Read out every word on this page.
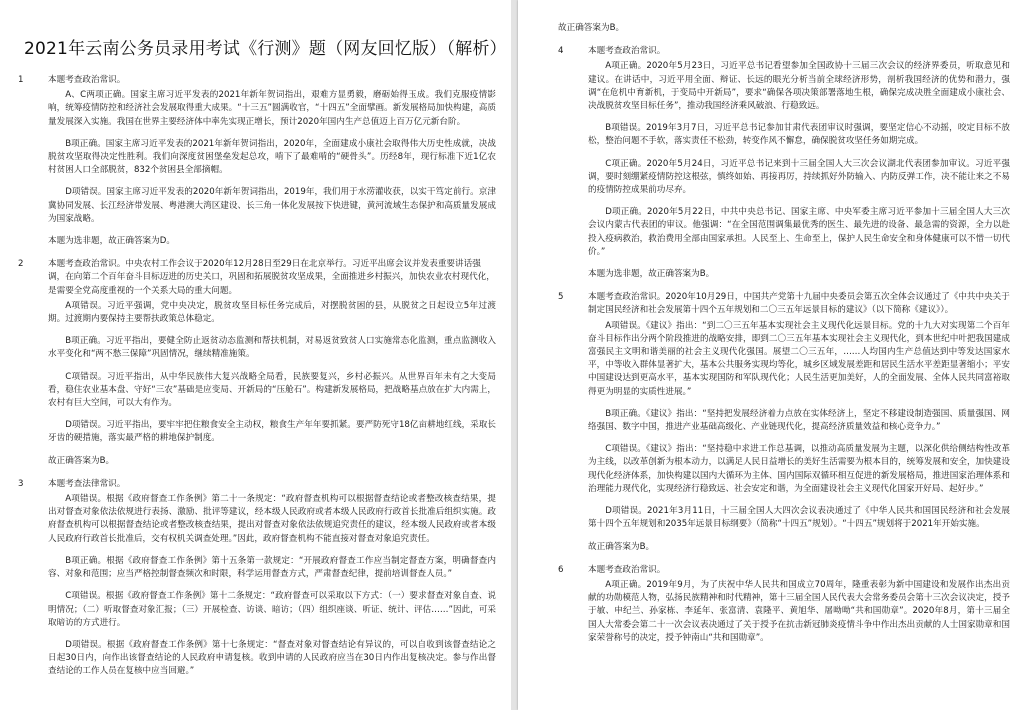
2021年云南公务员录用考试《行测》题（网友回忆版）（解析）
1	本题考查政治常识。
A、C两项正确。国家主席习近平发表的2021年新年贺词指出，艰难方显勇毅，磨砺始得玉成。我们克服疫情影响，统筹疫情防控和经济社会发展取得重大成果。“十三五”圆满收官，“十四五”全面擘画。新发展格局加快构建，高质量发展深入实施。我国在世界主要经济体中率先实现正增长，预计2020年国内生产总值迈上百万亿元新台阶。
B项正确。国家主席习近平发表的2021年新年贺词指出，2020年，全面建成小康社会取得伟大历史性成就，决战脱贫攻坚取得决定性胜利。我们向深度贫困堡垒发起总攻，啃下了最难啃的“硬骨头”。历经8年，现行标准下近1亿农村贫困人口全部脱贫，832个贫困县全部摘帽。
D项错误。国家主席习近平发表的2020年新年贺词指出，2019年，我们用于水涝灌收获，以实干笃定前行。京津冀协同发展、长江经济带发展、粤港澳大湾区建设、长三角一体化发展按下快进键，黄河流域生态保护和高质量发展成为国家战略。
本题为选非题，故正确答案为D。
2	本题考查政治常识。中央农村工作会议于2020年12月28日至29日在北京举行。习近平出席会议并发表重要讲话强调，在向第二个百年奋斗目标迈进的历史关口，巩固和拓展脱贫攻坚成果，全面推进乡村振兴，加快农业农村现代化，是需要全党高度重视的一个关系大局的重大问题。
A项错误。习近平强调，党中央决定，脱贫攻坚目标任务完成后，对摆脱贫困的县，从脱贫之日起设立5年过渡期。过渡期内要保持主要帮扶政策总体稳定。
B项正确。习近平指出，要健全防止返贫动态监测和帮扶机制，对易返贫致贫人口实施常态化监测，重点监测收入水平变化和“两不愁三保障”巩固情况，继续精准施策。
C项错误。习近平指出，从中华民族伟大复兴战略全局看，民族要复兴，乡村必振兴。从世界百年未有之大变局看，稳住农业基本盘、守好“三农”基础是应变局、开新局的“压舱石”。构建新发展格局，把战略基点放在扩大内需上，农村有巨大空间，可以大有作为。
D项错误。习近平指出，要牢牢把住粮食安全主动权，粮食生产年年要抓紧。要严防死守18亿亩耕地红线，采取长牙齿的硬措施，落实最严格的耕地保护制度。
故正确答案为B。
3	本题考查法律常识。
A项错误。根据《政府督查工作条例》第二十一条规定：“政府督查机构可以根据督查结论或者整改核查结果，提出对督查对象依法依规进行表扬、激励、批评等建议，经本级人民政府或者本级人民政府行政首长批准后组织实施。政府督查机构可以根据督查结论或者整改核查结果，提出对督查对象依法依规追究责任的建议，经本级人民政府或者本级人民政府行政首长批准后，交有权机关调查处理。”因此，政府督查机构不能直接对督查对象追究责任。
B项正确。根据《政府督查工作条例》第十五条第一款规定：“开展政府督查工作应当制定督查方案，明确督查内容、对象和范围；应当严格控制督查频次和时限，科学运用督查方式，严肃督查纪律，提前培训督查人员。”
C项错误。根据《政府督查工作条例》第十二条规定：“政府督查可以采取以下方式：（一）要求督查对象自查、说明情况；（二）听取督查对象汇报；（三）开展检查、访谈、暗访；（四）组织座谈、听证、统计、评估……”因此，可采取暗访的方式进行。
D项错误。根据《政府督查工作条例》第十七条规定：“督查对象对督查结论有异议的，可以自收到该督查结论之日起30日内，向作出该督查结论的人民政府申请复核。收到申请的人民政府应当在30日内作出复核决定。参与作出督查结论的工作人员在复核中应当回避。”
故正确答案为B。
4	本题考查政治常识。
A项正确。2020年5月23日，习近平总书记看望参加全国政协十三届三次会议的经济界委员，听取意见和建议。在讲话中，习近平用全面、辩证、长远的眼光分析当前全球经济形势，剖析我国经济的优势和潜力，强调“在危机中育新机，于变局中开新局”，要求“确保各项决策部署落地生根，确保完成决胜全面建成小康社会、决战脱贫攻坚目标任务”，推动我国经济乘风破浪、行稳致远。
B项错误。2019年3月7日，习近平总书记参加甘肃代表团审议时强调，要坚定信心不动摇，咬定目标不放松，整治问题不手软，落实责任不松劲，转变作风不懈怠，确保脱贫攻坚任务如期完成。
C项正确。2020年5月24日，习近平总书记来到十三届全国人大三次会议湖北代表团参加审议。习近平强调，要时刻绷紧疫情防控这根弦，慎终如始、再接再厉，持续抓好外防输入、内防反弹工作，决不能让来之不易的疫情防控成果前功尽弃。
D项正确。2020年5月22日，中共中央总书记、国家主席、中央军委主席习近平参加十三届全国人大三次会议内蒙古代表团的审议。他强调：“在全国范围调集最优秀的医生、最先进的设备、最急需的资源，全力以赴投入疫病救治，救治费用全部由国家承担。人民至上、生命至上，保护人民生命安全和身体健康可以不惜一切代价。”
本题为选非题，故正确答案为B。
5	本题考查政治常识。2020年10月29日，中国共产党第十九届中央委员会第五次全体会议通过了《中共中央关于制定国民经济和社会发展第十四个五年规划和二〇三五年远景目标的建议》（以下简称《建议》）。
A项错误。《建议》指出：“到二〇三五年基本实现社会主义现代化远景目标。党的十九大对实现第二个百年奋斗目标作出分两个阶段推进的战略安排，即到二〇三五年基本实现社会主义现代化，到本世纪中叶把我国建成富强民主文明和谐美丽的社会主义现代化强国。展望二〇三五年，……人均国内生产总值达到中等发达国家水平，中等收入群体显著扩大，基本公共服务实现均等化，城乡区域发展差距和居民生活水平差距显著缩小；平安中国建设达到更高水平，基本实现国防和军队现代化；人民生活更加美好，人的全面发展、全体人民共同富裕取得更为明显的实质性进展。”
B项正确。《建议》指出：“坚持把发展经济着力点放在实体经济上，坚定不移建设制造强国、质量强国、网络强国、数字中国，推进产业基础高级化、产业链现代化，提高经济质量效益和核心竞争力。”
C项错误。《建议》指出：“坚持稳中求进工作总基调，以推动高质量发展为主题，以深化供给侧结构性改革为主线，以改革创新为根本动力，以满足人民日益增长的美好生活需要为根本目的，统筹发展和安全，加快建设现代化经济体系，加快构建以国内大循环为主体、国内国际双循环相互促进的新发展格局，推进国家治理体系和治理能力现代化，实现经济行稳致远、社会安定和谐，为全面建设社会主义现代化国家开好局、起好步。”
D项错误。2021年3月11日，十三届全国人大四次会议表决通过了《中华人民共和国国民经济和社会发展第十四个五年规划和2035年远景目标纲要》（简称“十四五”规划）。“十四五”规划将于2021年开始实施。
故正确答案为B。
6	本题考查政治常识。
A项正确。2019年9月，为了庆祝中华人民共和国成立70周年，隆重表彰为新中国建设和发展作出杰出贡献的功勋模范人物，弘扬民族精神和时代精神，第十三届全国人民代表大会常务委员会第十三次会议决定，授予于敏、申纪兰、孙家栋、李延年、张富清、袁隆平、黄旭华、屠呦呦“共和国勋章”。2020年8月，第十三届全国人大常委会第二十一次会议表决通过了关于授予在抗击新冠肺炎疫情斗争中作出杰出贡献的人士国家勋章和国家荣誉称号的决定，授予钟南山“共和国勋章”。
